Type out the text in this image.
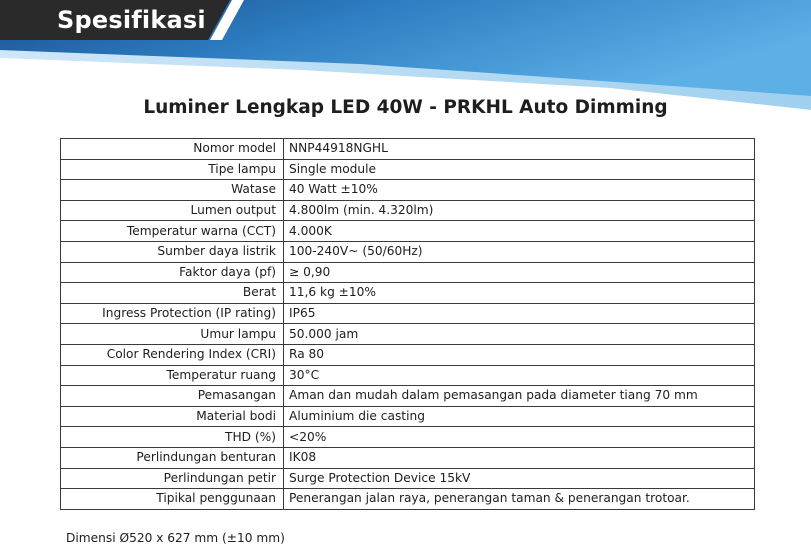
Spesifikasi
Luminer Lengkap LED 40W - PRKHL Auto Dimming
Nomor model	NNP44918NGHL
Tipe lampu	Single module
Watase	40 Watt ±10%
Lumen output	4.800lm (min. 4.320lm)
Temperatur warna (CCT)	4.000K
Sumber daya listrik	100-240V~ (50/60Hz)
Faktor daya (pf)	≥ 0,90
Berat	11,6 kg ±10%
Ingress Protection (IP rating)	IP65
Umur lampu	50.000 jam
Color Rendering Index (CRI)	Ra 80
Temperatur ruang	30°C
Pemasangan	Aman dan mudah dalam pemasangan pada diameter tiang 70 mm
Material bodi	Aluminium die casting
THD (%)	<20%
Perlindungan benturan	IK08
Perlindungan petir	Surge Protection Device 15kV
Tipikal penggunaan	Penerangan jalan raya, penerangan taman & penerangan trotoar.

Dimensi Ø520 x 627 mm (±10 mm)
